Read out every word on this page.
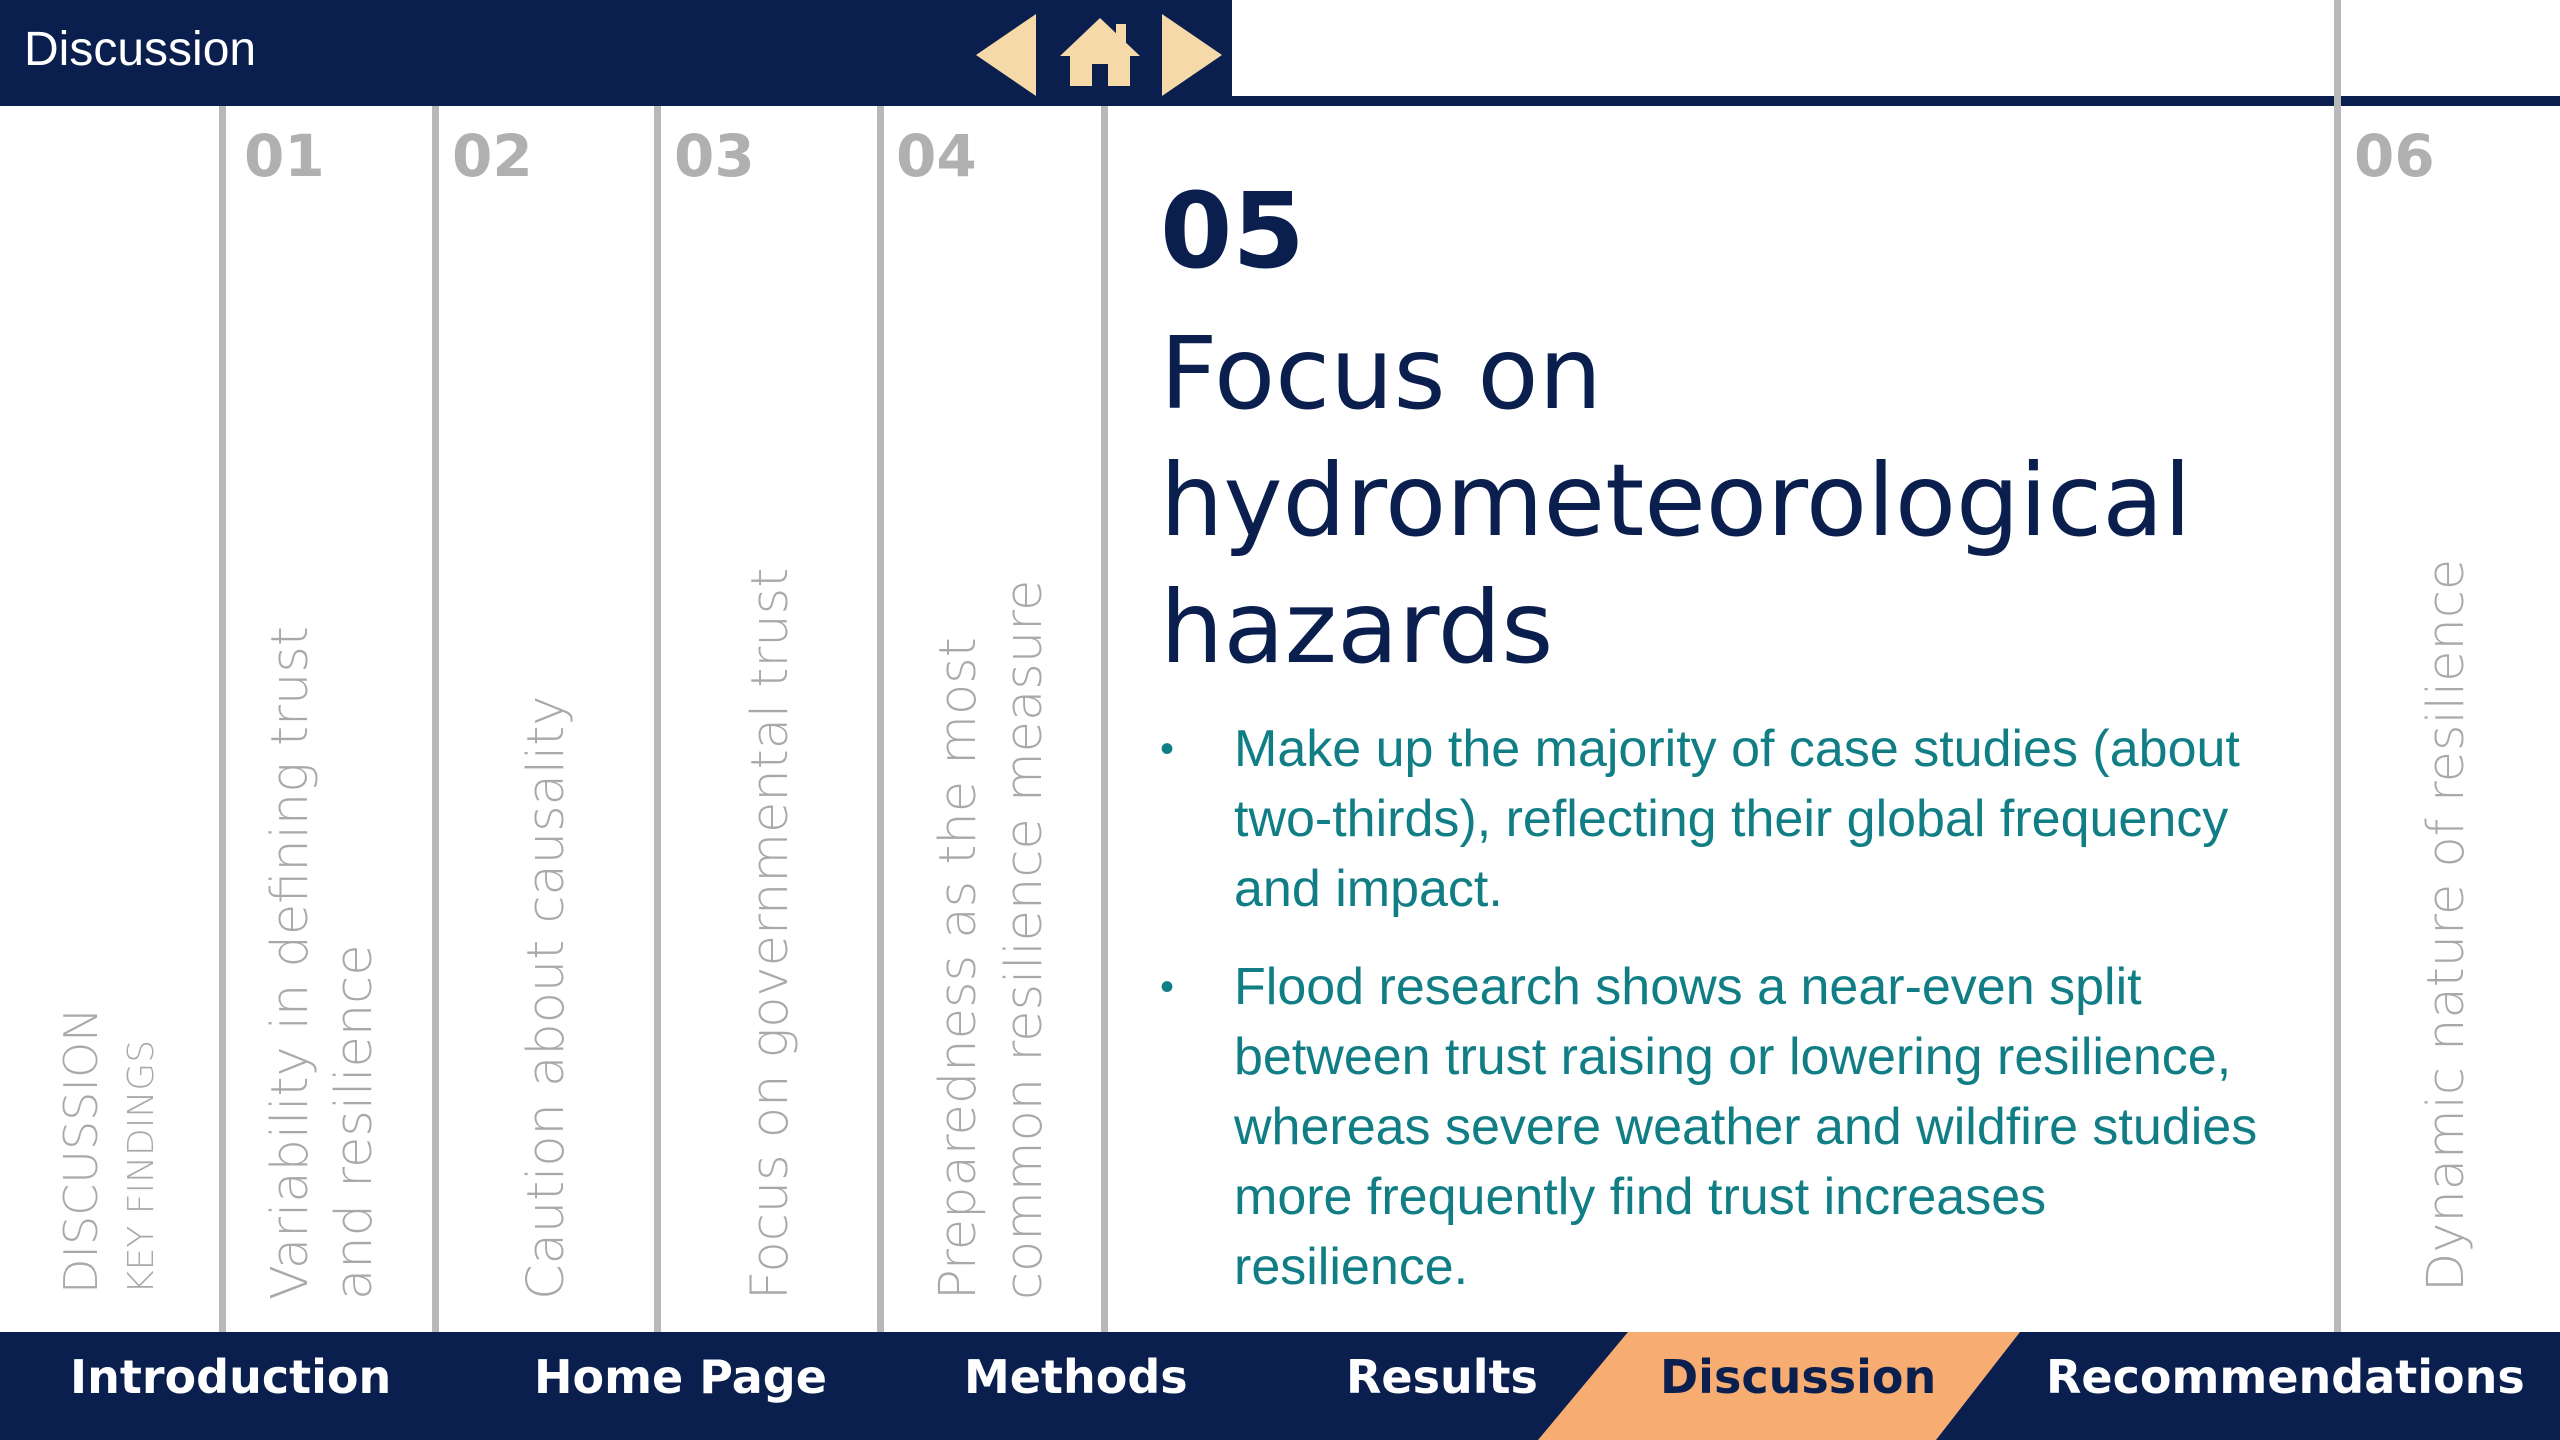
Discussion
DISCUSSION KEY FINDINGS
01
Variability in defining trust and resilience
02
Caution about causality
03
Focus on governmental trust
04
Preparedness as the most common resilience measure
06
Dynamic nature of resilience
05
Focus on hydrometeorological hazards
•	Make up the majority of case studies (about two-thirds), reflecting their global frequency and impact.
•	Flood research shows a near-even split between trust raising or lowering resilience, whereas severe weather and wildfire studies more frequently find trust increases resilience.
Introduction	Home Page	Methods	Results	Discussion Recommendations
